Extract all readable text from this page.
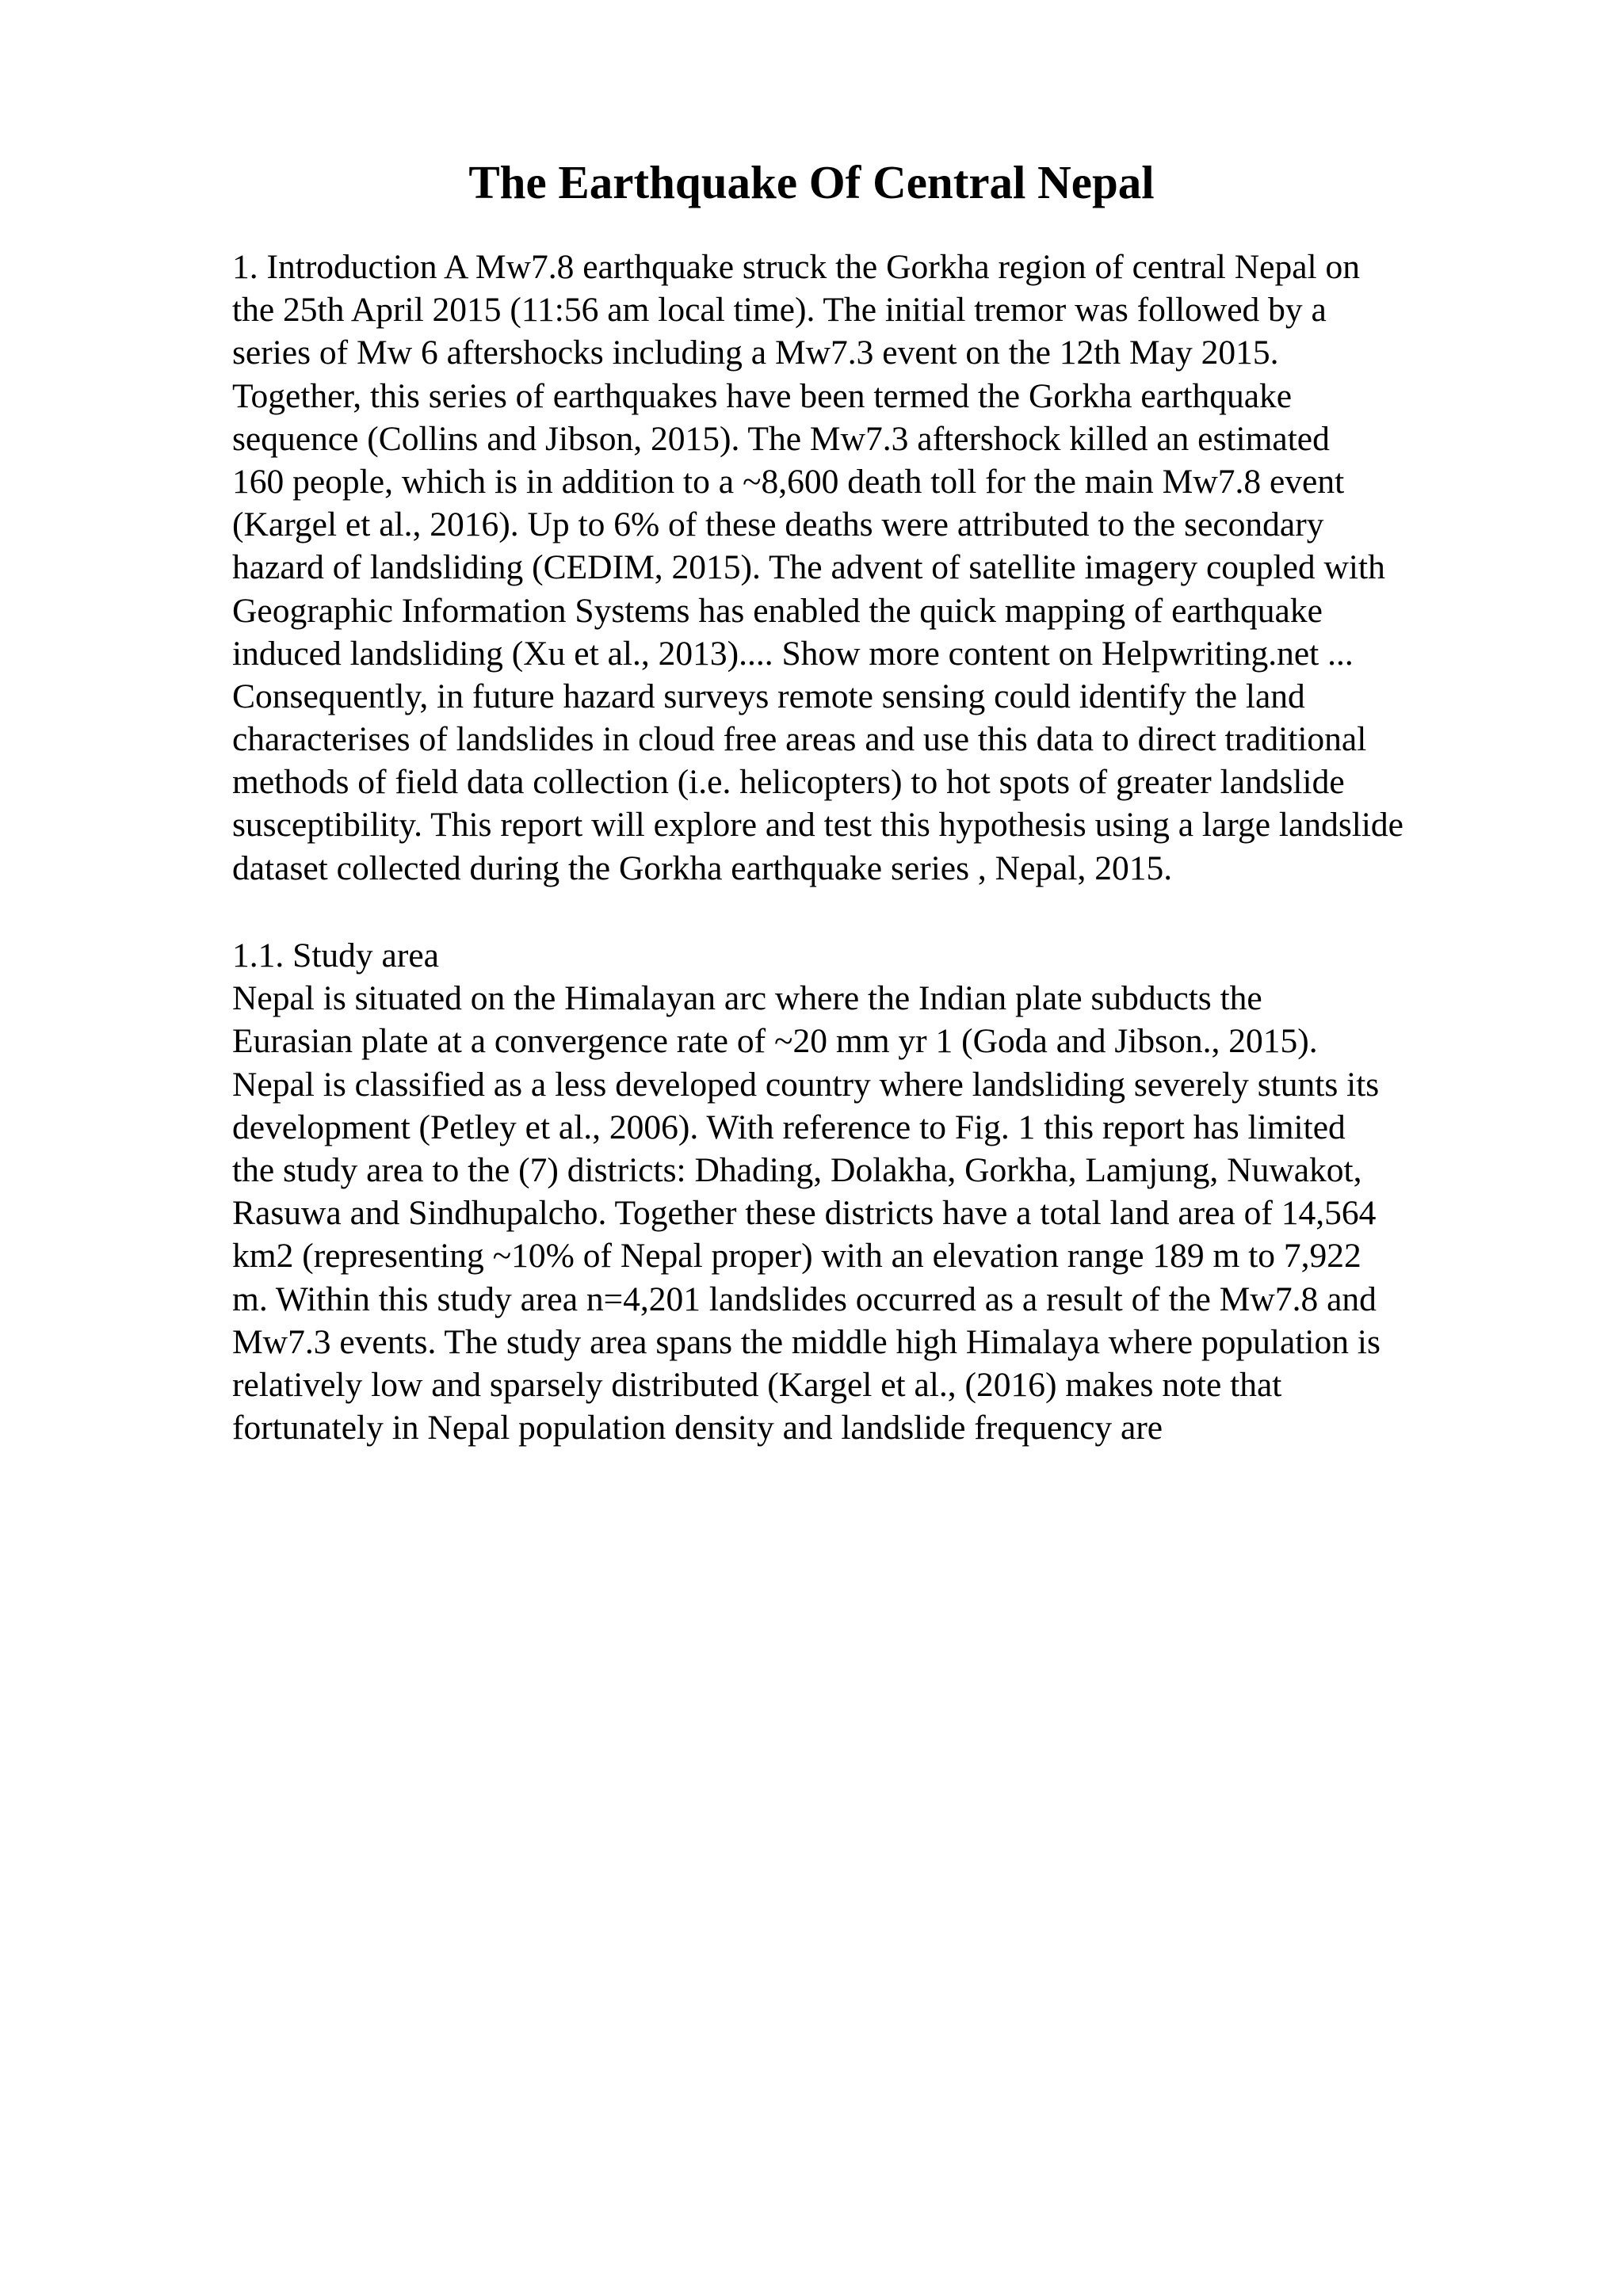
The Earthquake Of Central Nepal
1. Introduction A Mw7.8 earthquake struck the Gorkha region of central Nepal on
the 25th April 2015 (11:56 am local time). The initial tremor was followed by a
series of Mw 6 aftershocks including a Mw7.3 event on the 12th May 2015.
Together, this series of earthquakes have been termed the Gorkha earthquake
sequence (Collins and Jibson, 2015). The Mw7.3 aftershock killed an estimated
160 people, which is in addition to a ~8,600 death toll for the main Mw7.8 event
(Kargel et al., 2016). Up to 6% of these deaths were attributed to the secondary
hazard of landsliding (CEDIM, 2015). The advent of satellite imagery coupled with
Geographic Information Systems has enabled the quick mapping of earthquake
induced landsliding (Xu et al., 2013).... Show more content on Helpwriting.net ...
Consequently, in future hazard surveys remote sensing could identify the land
characterises of landslides in cloud free areas and use this data to direct traditional
methods of field data collection (i.e. helicopters) to hot spots of greater landslide
susceptibility. This report will explore and test this hypothesis using a large landslide
dataset collected during the Gorkha earthquake series , Nepal, 2015.
1.1. Study area
Nepal is situated on the Himalayan arc where the Indian plate subducts the
Eurasian plate at a convergence rate of ~20 mm yr 1 (Goda and Jibson., 2015).
Nepal is classified as a less developed country where landsliding severely stunts its
development (Petley et al., 2006). With reference to Fig. 1 this report has limited
the study area to the (7) districts: Dhading, Dolakha, Gorkha, Lamjung, Nuwakot,
Rasuwa and Sindhupalcho. Together these districts have a total land area of 14,564
km2 (representing ~10% of Nepal proper) with an elevation range 189 m to 7,922
m. Within this study area n=4,201 landslides occurred as a result of the Mw7.8 and
Mw7.3 events. The study area spans the middle high Himalaya where population is
relatively low and sparsely distributed (Kargel et al., (2016) makes note that
fortunately in Nepal population density and landslide frequency are
